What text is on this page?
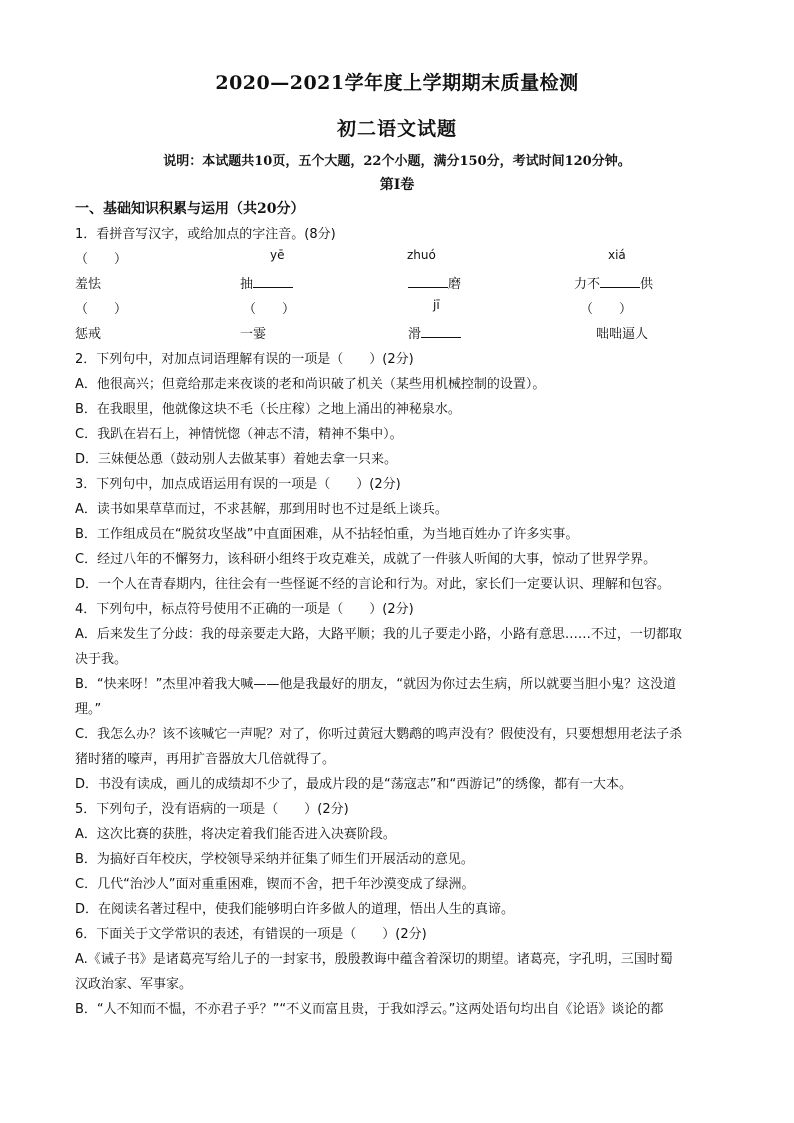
2020—2021学年度上学期期末质量检测
初二语文试题
说明：本试题共10页，五个大题，22个小题，满分150分，考试时间120分钟。
第Ⅰ卷
一、基础知识积累与运用（共20分）
1．看拼音写汉字，或给加点的字注音。(8分)
（　　）	yē	zhuó	xiá
羞怯	抽	磨	力不	供
（　　）	（　　）	jī	（　　）
惩戒	一霎	滑	咄咄逼人
2．下列句中，对加点词语理解有误的一项是（　　）(2分)
A．他很高兴；但竟给那走来夜谈的老和尚识破了机关（某些用机械控制的设置）。
B．在我眼里，他就像这块不毛（长庄稼）之地上涌出的神秘泉水。
C．我趴在岩石上，神情恍惚（神志不清，精神不集中）。
D．三妹便怂恿（鼓动别人去做某事）着她去拿一只来。
3．下列句中，加点成语运用有误的一项是（　　）(2分)
A．读书如果草草而过，不求甚解，那到用时也不过是纸上谈兵。
B．工作组成员在“脱贫攻坚战”中直面困难，从不拈轻怕重，为当地百姓办了许多实事。
C．经过八年的不懈努力，该科研小组终于攻克难关，成就了一件骇人听闻的大事，惊动了世界学界。
D．一个人在青春期内，往往会有一些怪诞不经的言论和行为。对此，家长们一定要认识、理解和包容。
4．下列句中，标点符号使用不正确的一项是（　　）(2分)
A．后来发生了分歧：我的母亲要走大路，大路平顺；我的儿子要走小路，小路有意思……不过，一切都取
决于我。
B．“快来呀！”杰里冲着我大喊——他是我最好的朋友，“就因为你过去生病，所以就要当胆小鬼？这没道
理。”
C．我怎么办？该不该喊它一声呢？对了，你听过黄冠大鹦鹉的鸣声没有？假使没有，只要想想用老法子杀
猪时猪的嚎声，再用扩音器放大几倍就得了。
D．书没有读成，画儿的成绩却不少了，最成片段的是“荡寇志”和“西游记”的绣像，都有一大本。
5．下列句子，没有语病的一项是（　　）(2分)
A．这次比赛的获胜，将决定着我们能否进入决赛阶段。
B．为搞好百年校庆，学校领导采纳并征集了师生们开展活动的意见。
C．几代“治沙人”面对重重困难，锲而不舍，把千年沙漠变成了绿洲。
D．在阅读名著过程中，使我们能够明白许多做人的道理，悟出人生的真谛。
6．下面关于文学常识的表述，有错误的一项是（　　）(2分)
A.《诫子书》是诸葛亮写给儿子的一封家书，殷殷教诲中蕴含着深切的期望。诸葛亮，字孔明，三国时蜀
汉政治家、军事家。
B．“人不知而不愠，不亦君子乎？”“不义而富且贵，于我如浮云。”这两处语句均出自《论语》谈论的都
